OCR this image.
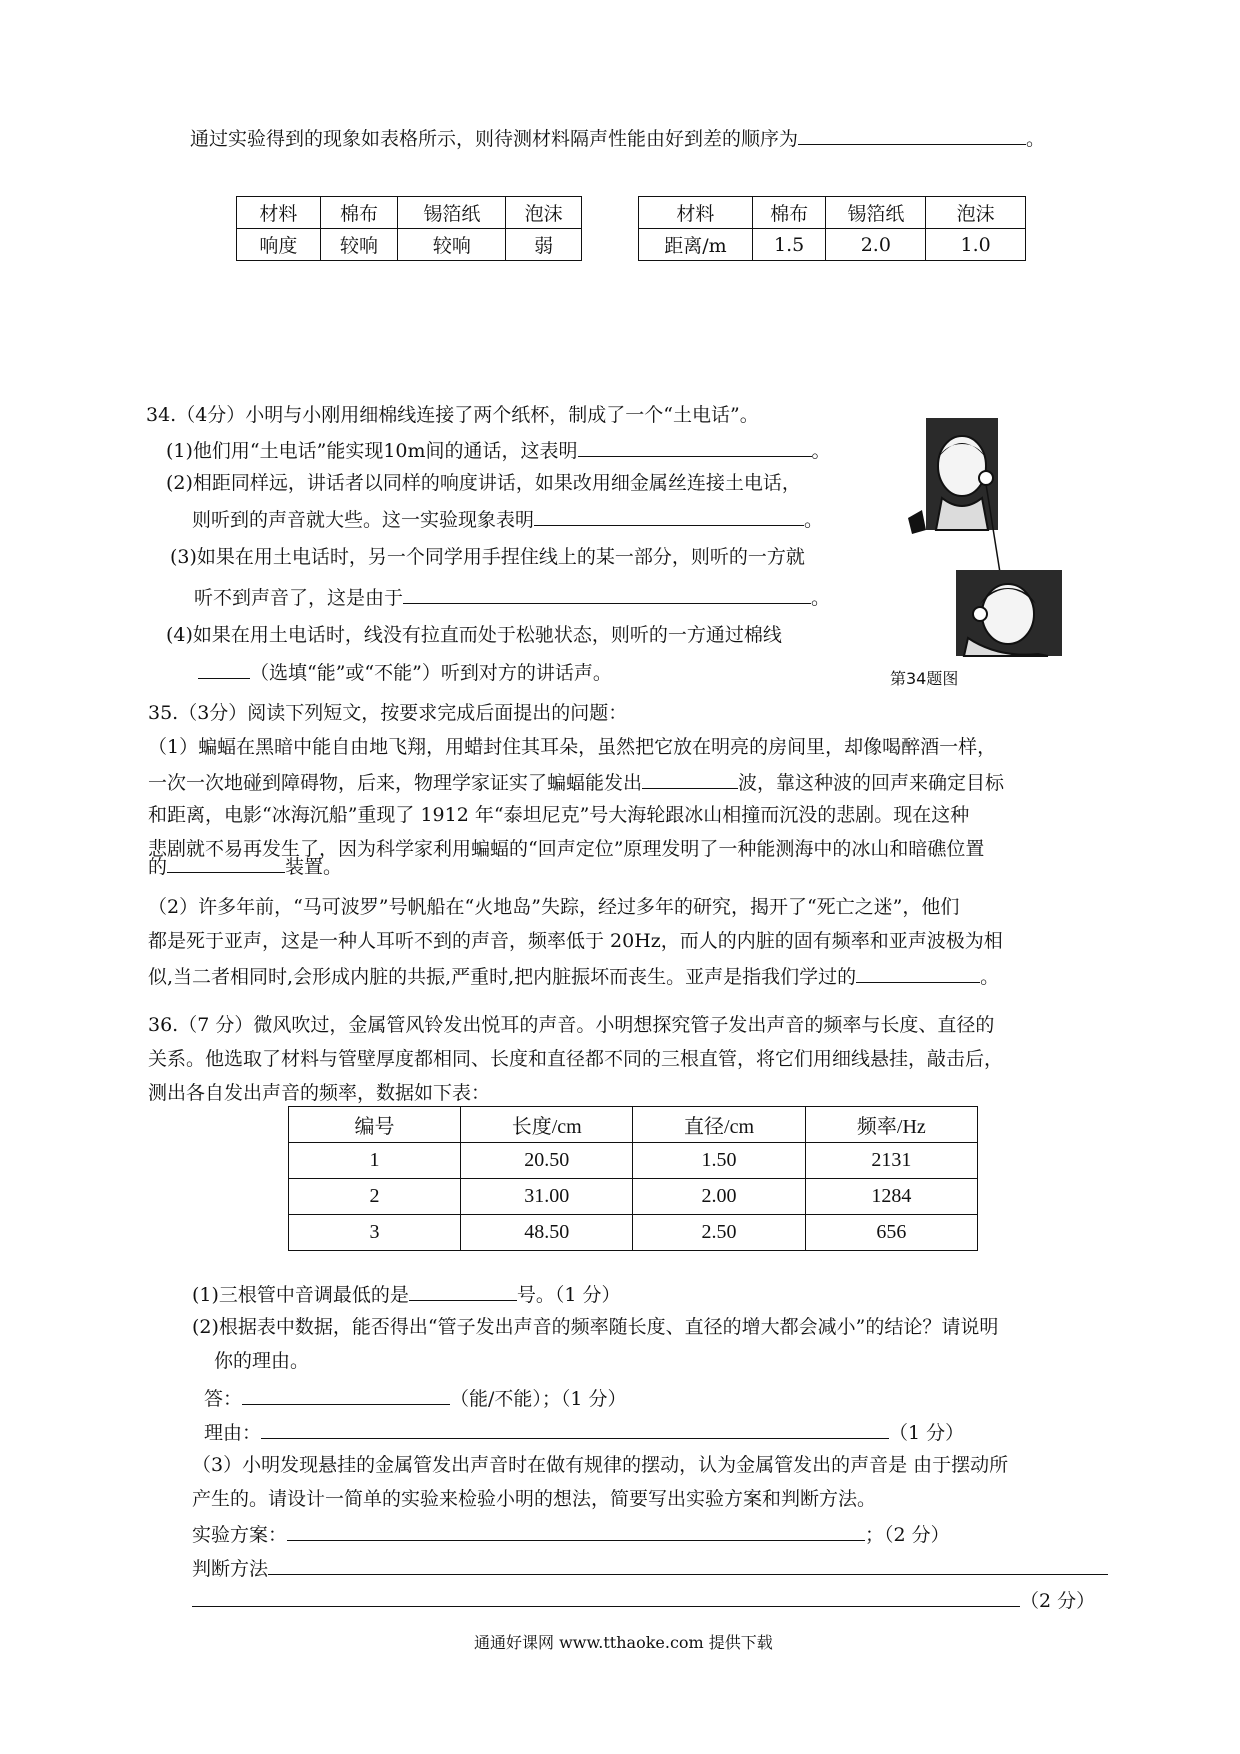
通过实验得到的现象如表格所示，则待测材料隔声性能由好到差的顺序为	。
材料	棉布	锡箔纸	泡沫
响度	较响	较响	弱
材料	棉布	锡箔纸	泡沫
距离/m	1.5	2.0	1.0
34.（4分）小明与小刚用细棉线连接了两个纸杯，制成了一个“土电话”。
(1)他们用“土电话”能实现10m间的通话，这表明	。
(2)相距同样远，讲话者以同样的响度讲话，如果改用细金属丝连接土电话，
则听到的声音就大些。这一实验现象表明	。
(3)如果在用土电话时，另一个同学用手捏住线上的某一部分，则听的一方就
听不到声音了，这是由于	。
(4)如果在用土电话时，线没有拉直而处于松驰状态，则听的一方通过棉线
（选填“能”或“不能”）听到对方的讲话声。	第34题图
35.（3分）阅读下列短文，按要求完成后面提出的问题：
（1）蝙蝠在黑暗中能自由地飞翔，用蜡封住其耳朵，虽然把它放在明亮的房间里，却像喝醉酒一样，
一次一次地碰到障碍物，后来，物理学家证实了蝙蝠能发出	波，靠这种波的回声来确定目标
和距离，电影“冰海沉船”重现了 1912 年“泰坦尼克”号大海轮跟冰山相撞而沉没的悲剧。现在这种
悲剧就不易再发生了，因为科学家利用蝙蝠的“回声定位”原理发明了一种能测海中的冰山和暗礁位置
的	装置。
（2）许多年前，“马可波罗”号帆船在“火地岛”失踪，经过多年的研究，揭开了“死亡之迷”，他们
都是死于亚声，这是一种人耳听不到的声音，频率低于 20Hz，而人的内脏的固有频率和亚声波极为相
似,当二者相同时,会形成内脏的共振,严重时,把内脏振坏而丧生。亚声是指我们学过的	。
36.（7 分）微风吹过，金属管风铃发出悦耳的声音。小明想探究管子发出声音的频率与长度、直径的
关系。他选取了材料与管壁厚度都相同、长度和直径都不同的三根直管，将它们用细线悬挂，敲击后，
测出各自发出声音的频率，数据如下表：
编号	长度/cm	直径/cm	频率/Hz
1	20.50	1.50	2131
2	31.00	2.00	1284
3	48.50	2.50	656
(1)三根管中音调最低的是	号。（1 分）
(2)根据表中数据，能否得出“管子发出声音的频率随长度、直径的增大都会减小”的结论？请说明
你的理由。
答：	（能/不能）；（1 分）
理由：	（1 分）
（3）小明发现悬挂的金属管发出声音时在做有规律的摆动，认为金属管发出的声音是 由于摆动所
产生的。请设计一简单的实验来检验小明的想法，简要写出实验方案和判断方法。
实验方案：	；（2 分）
判断方法
（2 分）
通通好课网 www.tthaoke.com 提供下载
